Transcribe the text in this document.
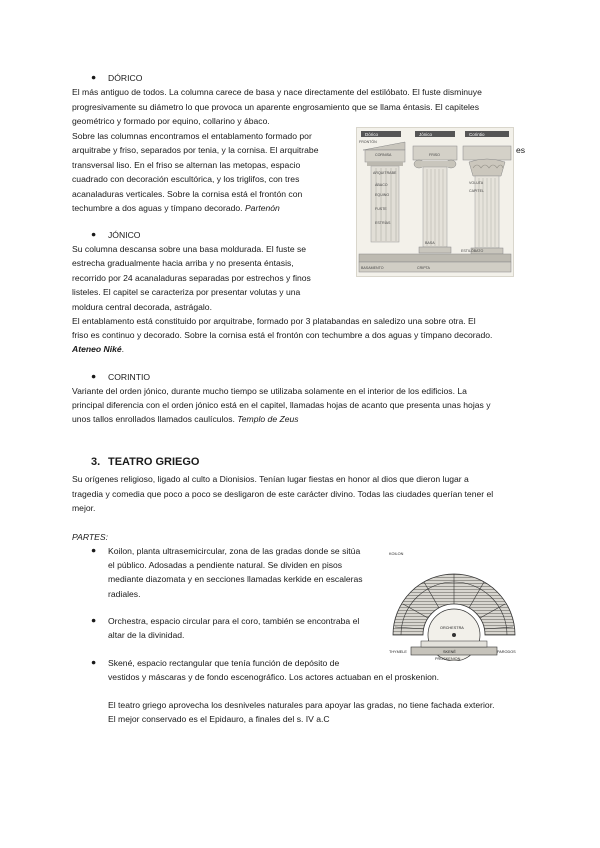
● DÓRICO
El más antiguo de todos. La columna carece de basa y nace directamente del estilóbato. El fuste disminuye
progresivamente su diámetro lo que provoca un aparente engrosamiento que se llama éntasis. El capiteles
geométrico y formado por equino, collarino y ábaco.
Sobre las columnas encontramos el entablamento formado por
arquitrabe y friso, separados por tenia, y la cornisa. El arquitrabe	es
transversal liso. En el friso se alternan las metopas, espacio
cuadrado con decoración escultórica, y los triglifos, con tres
acanaladuras verticales. Sobre la cornisa está el frontón con
techumbre a dos aguas y tímpano decorado. Partenón
● JÓNICO
Su columna descansa sobre una basa moldurada. El fuste se
estrecha gradualmente hacia arriba y no presenta éntasis,
recorrido por 24 acanaladuras separadas por estrechos y finos
listeles. El capitel se caracteriza por presentar volutas y una
moldura central decorada, astrágalo.
El entablamento está constituido por arquitrabe, formado por 3 platabandas en saledizo una sobre otra. El
friso es continuo y decorado. Sobre la cornisa está el frontón con techumbre a dos aguas y tímpano decorado.
Ateneo Niké.
● CORINTIO
Variante del orden jónico, durante mucho tiempo se utilizaba solamente en el interior de los edificios. La
principal diferencia con el orden jónico está en el capitel, llamadas hojas de acanto que presenta unas hojas y
unos tallos enrollados llamados caulículos. Templo de Zeus
3. TEATRO GRIEGO
Su orígenes religioso, ligado al culto a Dionisios. Tenían lugar fiestas en honor al dios que dieron lugar a
tragedia y comedia que poco a poco se desligaron de este carácter divino. Todas las ciudades querían tener el
mejor.
PARTES:
● Koilon, planta ultrasemicircular, zona de las gradas donde se sitúa
el público. Adosadas a pendiente natural. Se dividen en pisos
mediante diazomata y en secciones llamadas kerkide en escaleras
radiales.
● Orchestra, espacio circular para el coro, también se encontraba el
altar de la divinidad.
● Skené, espacio rectangular que tenía función de depósito de
vestidos y máscaras y de fondo escenográfico. Los actores actuaban en el proskenion.
El teatro griego aprovecha los desniveles naturales para apoyar las gradas, no tiene fachada exterior.
El mejor conservado es el Epidauro, a finales del s. IV a.C
Dórico	Jónico	Corintio
FRONTÓN
CORNISA	FRISO
ARQUITRABE
ÁBACO
EQUINO
FUSTE
ESTRÍAS
BASA
VOLUTA
CAPITEL
ESTILÓBATO
BASAMENTO	CRIPTA
KOILON
SKENÉ
ORCHESTRA
PROSKENION
PARODOS
THYMELE
